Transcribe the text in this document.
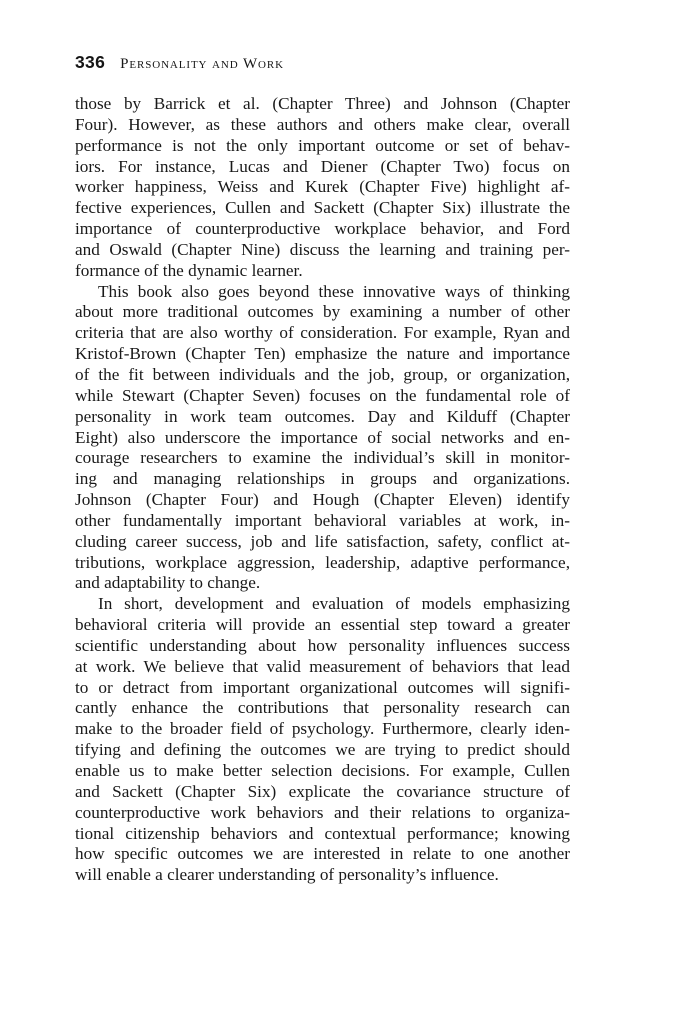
336 Personality and Work
those by Barrick et al. (Chapter Three) and Johnson (Chapter
Four). However, as these authors and others make clear, overall
performance is not the only important outcome or set of behav-
iors. For instance, Lucas and Diener (Chapter Two) focus on
worker happiness, Weiss and Kurek (Chapter Five) highlight af-
fective experiences, Cullen and Sackett (Chapter Six) illustrate the
importance of counterproductive workplace behavior, and Ford
and Oswald (Chapter Nine) discuss the learning and training per-
formance of the dynamic learner.
This book also goes beyond these innovative ways of thinking
about more traditional outcomes by examining a number of other
criteria that are also worthy of consideration. For example, Ryan and
Kristof-Brown (Chapter Ten) emphasize the nature and importance
of the fit between individuals and the job, group, or organization,
while Stewart (Chapter Seven) focuses on the fundamental role of
personality in work team outcomes. Day and Kilduff (Chapter
Eight) also underscore the importance of social networks and en-
courage researchers to examine the individual’s skill in monitor-
ing and managing relationships in groups and organizations.
Johnson (Chapter Four) and Hough (Chapter Eleven) identify
other fundamentally important behavioral variables at work, in-
cluding career success, job and life satisfaction, safety, conflict at-
tributions, workplace aggression, leadership, adaptive performance,
and adaptability to change.
In short, development and evaluation of models emphasizing
behavioral criteria will provide an essential step toward a greater
scientific understanding about how personality influences success
at work. We believe that valid measurement of behaviors that lead
to or detract from important organizational outcomes will signifi-
cantly enhance the contributions that personality research can
make to the broader field of psychology. Furthermore, clearly iden-
tifying and defining the outcomes we are trying to predict should
enable us to make better selection decisions. For example, Cullen
and Sackett (Chapter Six) explicate the covariance structure of
counterproductive work behaviors and their relations to organiza-
tional citizenship behaviors and contextual performance; knowing
how specific outcomes we are interested in relate to one another
will enable a clearer understanding of personality’s influence.
